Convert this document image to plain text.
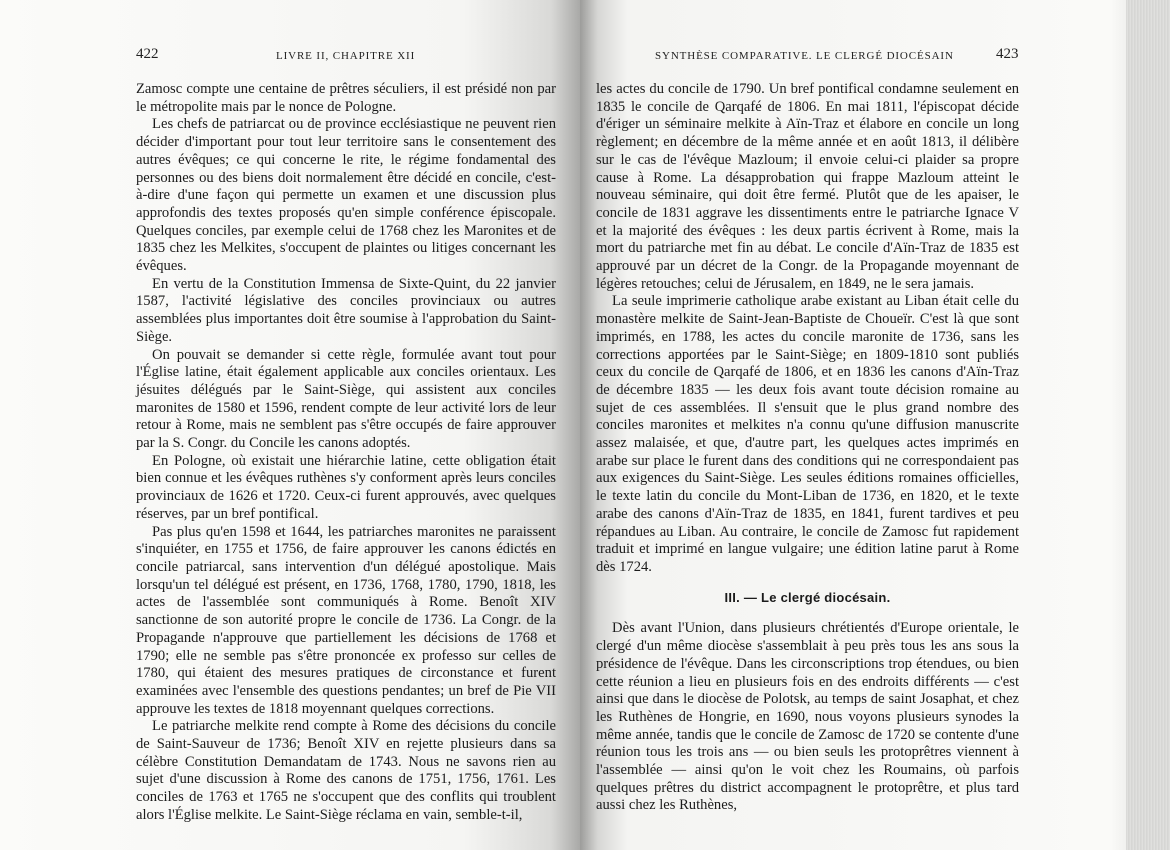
422	LIVRE II, CHAPITRE XII

Zamosc compte une centaine de prêtres séculiers, il est présidé non par le métropolite mais par le nonce de Pologne.

Les chefs de patriarcat ou de province ecclésiastique ne peuvent rien décider d'important pour tout leur territoire sans le consentement des autres évêques; ce qui concerne le rite, le régime fondamental des personnes ou des biens doit normalement être décidé en concile, c'est-à-dire d'une façon qui permette un examen et une discussion plus approfondis des textes proposés qu'en simple conférence épiscopale. Quelques conciles, par exemple celui de 1768 chez les Maronites et de 1835 chez les Melkites, s'occupent de plaintes ou litiges concernant les évêques.

En vertu de la Constitution Immensa de Sixte-Quint, du 22 janvier 1587, l'activité législative des conciles provinciaux ou autres assemblées plus importantes doit être soumise à l'approbation du Saint-Siège.

On pouvait se demander si cette règle, formulée avant tout pour l'Église latine, était également applicable aux conciles orientaux. Les jésuites délégués par le Saint-Siège, qui assistent aux conciles maronites de 1580 et 1596, rendent compte de leur activité lors de leur retour à Rome, mais ne semblent pas s'être occupés de faire approuver par la S. Congr. du Concile les canons adoptés.

En Pologne, où existait une hiérarchie latine, cette obligation était bien connue et les évêques ruthènes s'y conforment après leurs conciles provinciaux de 1626 et 1720. Ceux-ci furent approuvés, avec quelques réserves, par un bref pontifical.

Pas plus qu'en 1598 et 1644, les patriarches maronites ne paraissent s'inquiéter, en 1755 et 1756, de faire approuver les canons édictés en concile patriarcal, sans intervention d'un délégué apostolique. Mais lorsqu'un tel délégué est présent, en 1736, 1768, 1780, 1790, 1818, les actes de l'assemblée sont communiqués à Rome. Benoît XIV sanctionne de son autorité propre le concile de 1736. La Congr. de la Propagande n'approuve que partiellement les décisions de 1768 et 1790; elle ne semble pas s'être prononcée ex professo sur celles de 1780, qui étaient des mesures pratiques de circonstance et furent examinées avec l'ensemble des questions pendantes; un bref de Pie VII approuve les textes de 1818 moyennant quelques corrections.

Le patriarche melkite rend compte à Rome des décisions du concile de Saint-Sauveur de 1736; Benoît XIV en rejette plusieurs dans sa célèbre Constitution Demandatam de 1743. Nous ne savons rien au sujet d'une discussion à Rome des canons de 1751, 1756, 1761. Les conciles de 1763 et 1765 ne s'occupent que des conflits qui troublent alors l'Église melkite. Le Saint-Siège réclama en vain, semble-t-il,

SYNTHÈSE COMPARATIVE. LE CLERGÉ DIOCÉSAIN	423

les actes du concile de 1790. Un bref pontifical condamne seulement en 1835 le concile de Qarqafé de 1806. En mai 1811, l'épiscopat décide d'ériger un séminaire melkite à Aïn-Traz et élabore en concile un long règlement; en décembre de la même année et en août 1813, il délibère sur le cas de l'évêque Mazloum; il envoie celui-ci plaider sa propre cause à Rome. La désapprobation qui frappe Mazloum atteint le nouveau séminaire, qui doit être fermé. Plutôt que de les apaiser, le concile de 1831 aggrave les dissentiments entre le patriarche Ignace V et la majorité des évêques : les deux partis écrivent à Rome, mais la mort du patriarche met fin au débat. Le concile d'Aïn-Traz de 1835 est approuvé par un décret de la Congr. de la Propagande moyennant de légères retouches; celui de Jérusalem, en 1849, ne le sera jamais.

La seule imprimerie catholique arabe existant au Liban était celle du monastère melkite de Saint-Jean-Baptiste de Choueïr. C'est là que sont imprimés, en 1788, les actes du concile maronite de 1736, sans les corrections apportées par le Saint-Siège; en 1809-1810 sont publiés ceux du concile de Qarqafé de 1806, et en 1836 les canons d'Aïn-Traz de décembre 1835 — les deux fois avant toute décision romaine au sujet de ces assemblées. Il s'ensuit que le plus grand nombre des conciles maronites et melkites n'a connu qu'une diffusion manuscrite assez malaisée, et que, d'autre part, les quelques actes imprimés en arabe sur place le furent dans des conditions qui ne correspondaient pas aux exigences du Saint-Siège. Les seules éditions romaines officielles, le texte latin du concile du Mont-Liban de 1736, en 1820, et le texte arabe des canons d'Aïn-Traz de 1835, en 1841, furent tardives et peu répandues au Liban. Au contraire, le concile de Zamosc fut rapidement traduit et imprimé en langue vulgaire; une édition latine parut à Rome dès 1724.

III. — Le clergé diocésain.

Dès avant l'Union, dans plusieurs chrétientés d'Europe orientale, le clergé d'un même diocèse s'assemblait à peu près tous les ans sous la présidence de l'évêque. Dans les circonscriptions trop étendues, ou bien cette réunion a lieu en plusieurs fois en des endroits différents — c'est ainsi que dans le diocèse de Polotsk, au temps de saint Josaphat, et chez les Ruthènes de Hongrie, en 1690, nous voyons plusieurs synodes la même année, tandis que le concile de Zamosc de 1720 se contente d'une réunion tous les trois ans — ou bien seuls les protoprêtres viennent à l'assemblée — ainsi qu'on le voit chez les Roumains, où parfois quelques prêtres du district accompagnent le protoprêtre, et plus tard aussi chez les Ruthènes,
